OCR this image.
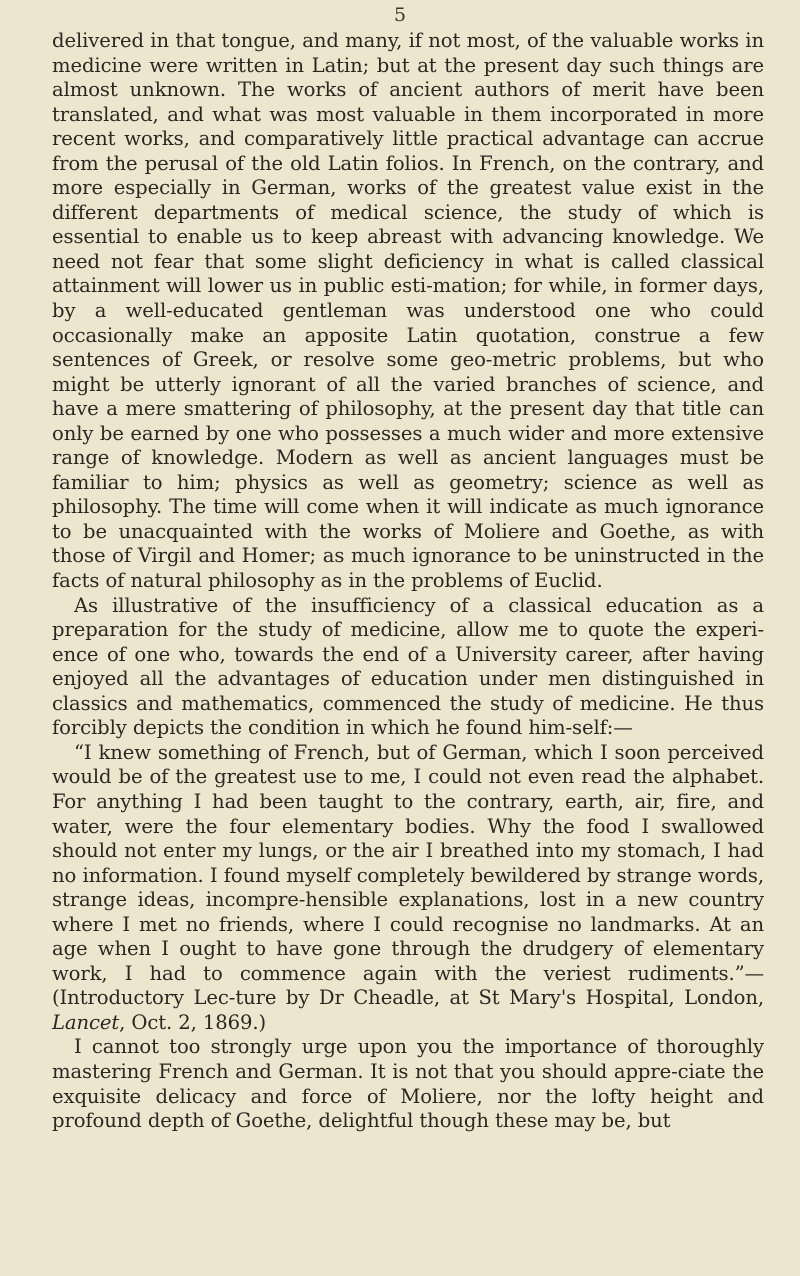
5

delivered in that tongue, and many, if not most, of the valuable works in medicine were written in Latin; but at the present day such things are almost unknown. The works of ancient authors of merit have been translated, and what was most valuable in them incorporated in more recent works, and comparatively little practical advantage can accrue from the perusal of the old Latin folios. In French, on the contrary, and more especially in German, works of the greatest value exist in the different departments of medical science, the study of which is essential to enable us to keep abreast with advancing knowledge. We need not fear that some slight deficiency in what is called classical attainment will lower us in public esti-mation; for while, in former days, by a well-educated gentleman was understood one who could occasionally make an apposite Latin quotation, construe a few sentences of Greek, or resolve some geo-metric problems, but who might be utterly ignorant of all the varied branches of science, and have a mere smattering of philosophy, at the present day that title can only be earned by one who possesses a much wider and more extensive range of knowledge. Modern as well as ancient languages must be familiar to him; physics as well as geometry; science as well as philosophy. The time will come when it will indicate as much ignorance to be unacquainted with the works of Moliere and Goethe, as with those of Virgil and Homer; as much ignorance to be uninstructed in the facts of natural philosophy as in the problems of Euclid.

As illustrative of the insufficiency of a classical education as a preparation for the study of medicine, allow me to quote the experi-ence of one who, towards the end of a University career, after having enjoyed all the advantages of education under men distinguished in classics and mathematics, commenced the study of medicine. He thus forcibly depicts the condition in which he found him-self:—

“I knew something of French, but of German, which I soon perceived would be of the greatest use to me, I could not even read the alphabet. For anything I had been taught to the contrary, earth, air, fire, and water, were the four elementary bodies. Why the food I swallowed should not enter my lungs, or the air I breathed into my stomach, I had no information. I found myself completely bewildered by strange words, strange ideas, incompre-hensible explanations, lost in a new country where I met no friends, where I could recognise no landmarks. At an age when I ought to have gone through the drudgery of elementary work, I had to commence again with the veriest rudiments.”—(Introductory Lec-ture by Dr Cheadle, at St Mary's Hospital, London, Lancet, Oct. 2, 1869.)

I cannot too strongly urge upon you the importance of thoroughly mastering French and German. It is not that you should appre-ciate the exquisite delicacy and force of Moliere, nor the lofty height and profound depth of Goethe, delightful though these may be, but
